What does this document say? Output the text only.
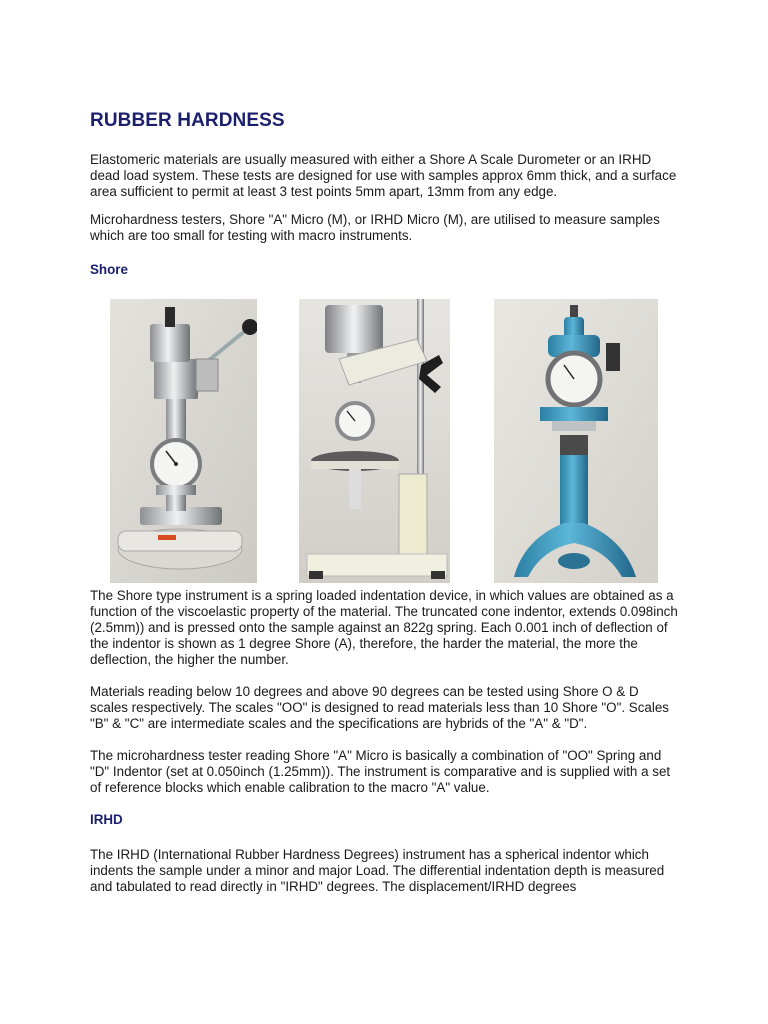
RUBBER HARDNESS

Elastomeric materials are usually measured with either a Shore A Scale Durometer or an IRHD dead load system. These tests are designed for use with samples approx 6mm thick, and a surface area sufficient to permit at least 3 test points 5mm apart, 13mm from any edge.

Microhardness testers, Shore "A" Micro (M), or IRHD Micro (M), are utilised to measure samples which are too small for testing with macro instruments.

Shore

The Shore type instrument is a spring loaded indentation device, in which values are obtained as a function of the viscoelastic property of the material. The truncated cone indentor, extends 0.098inch (2.5mm)) and is pressed onto the sample against an 822g spring. Each 0.001 inch of deflection of the indentor is shown as 1 degree Shore (A), therefore, the harder the material, the more the deflection, the higher the number.

Materials reading below 10 degrees and above 90 degrees can be tested using Shore O & D scales respectively. The scales "OO" is designed to read materials less than 10 Shore "O". Scales "B" & "C" are intermediate scales and the specifications are hybrids of the "A" & "D".

The microhardness tester reading Shore "A" Micro is basically a combination of "OO" Spring and "D" Indentor (set at 0.050inch (1.25mm)). The instrument is comparative and is supplied with a set of reference blocks which enable calibration to the macro "A" value.

IRHD

The IRHD (International Rubber Hardness Degrees) instrument has a spherical indentor which indents the sample under a minor and major Load. The differential indentation depth is measured and tabulated to read directly in "IRHD" degrees. The displacement/IRHD degrees
